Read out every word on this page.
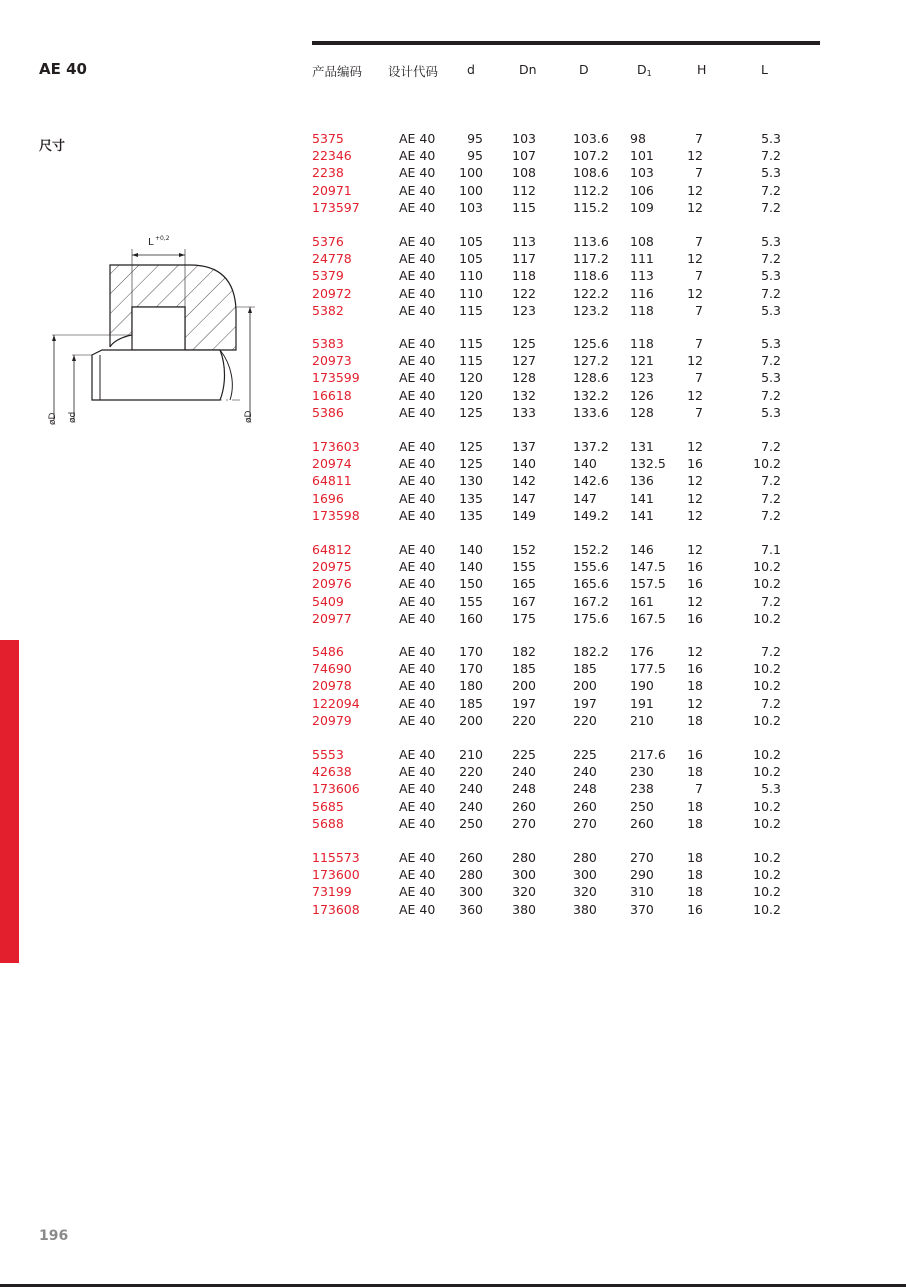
AE 40
尺寸
L +0,2
øD ød	øD
产品编码 设计代码 d	Dn	D	$D_1$	H	L
5375	AE 40	95 103	103.6 98	7	5.3
22346	AE 40	95 107	107.2 101	12	7.2
2238	AE 40 100 108	108.6 103	7	5.3
20971	AE 40 100 112	112.2 106	12	7.2
173597	AE 40 103 115	115.2 109	12	7.2
5376	AE 40 105 113	113.6 108	7	5.3
24778	AE 40 105 117	117.2 111	12	7.2
5379	AE 40 110 118	118.6 113	7	5.3
20972	AE 40 110 122	122.2 116	12	7.2
5382	AE 40 115 123	123.2 118	7	5.3
5383	AE 40 115 125	125.6 118	7	5.3
20973	AE 40 115 127	127.2 121	12	7.2
173599	AE 40 120 128	128.6 123	7	5.3
16618	AE 40 120 132	132.2 126	12	7.2
5386	AE 40 125 133	133.6 128	7	5.3
173603	AE 40 125 137	137.2 131	12	7.2
20974	AE 40 125 140	140	132.5 16	10.2
64811	AE 40 130 142	142.6 136	12	7.2
1696	AE 40 135 147	147	141	12	7.2
173598	AE 40 135 149	149.2 141	12	7.2
64812	AE 40 140 152	152.2 146	12	7.1
20975	AE 40 140 155	155.6 147.5 16	10.2
20976	AE 40 150 165	165.6 157.5 16	10.2
5409	AE 40 155 167	167.2 161	12	7.2
20977	AE 40 160 175	175.6 167.5 16	10.2
5486	AE 40 170 182	182.2 176	12	7.2
74690	AE 40 170 185	185	177.5 16	10.2
20978	AE 40 180 200	200	190	18	10.2
122094	AE 40 185 197	197	191	12	7.2
20979	AE 40 200 220	220	210	18	10.2
5553	AE 40 210 225	225	217.6 16	10.2
42638	AE 40 220 240	240	230	18	10.2
173606	AE 40 240 248	248	238	7	5.3
5685	AE 40 240 260	260	250	18	10.2
5688	AE 40 250 270	270	260	18	10.2
115573	AE 40 260 280	280	270	18	10.2
173600	AE 40 280 300	300	290	18	10.2
73199	AE 40 300 320	320	310	18	10.2
173608	AE 40 360 380	380	370	16	10.2
196
